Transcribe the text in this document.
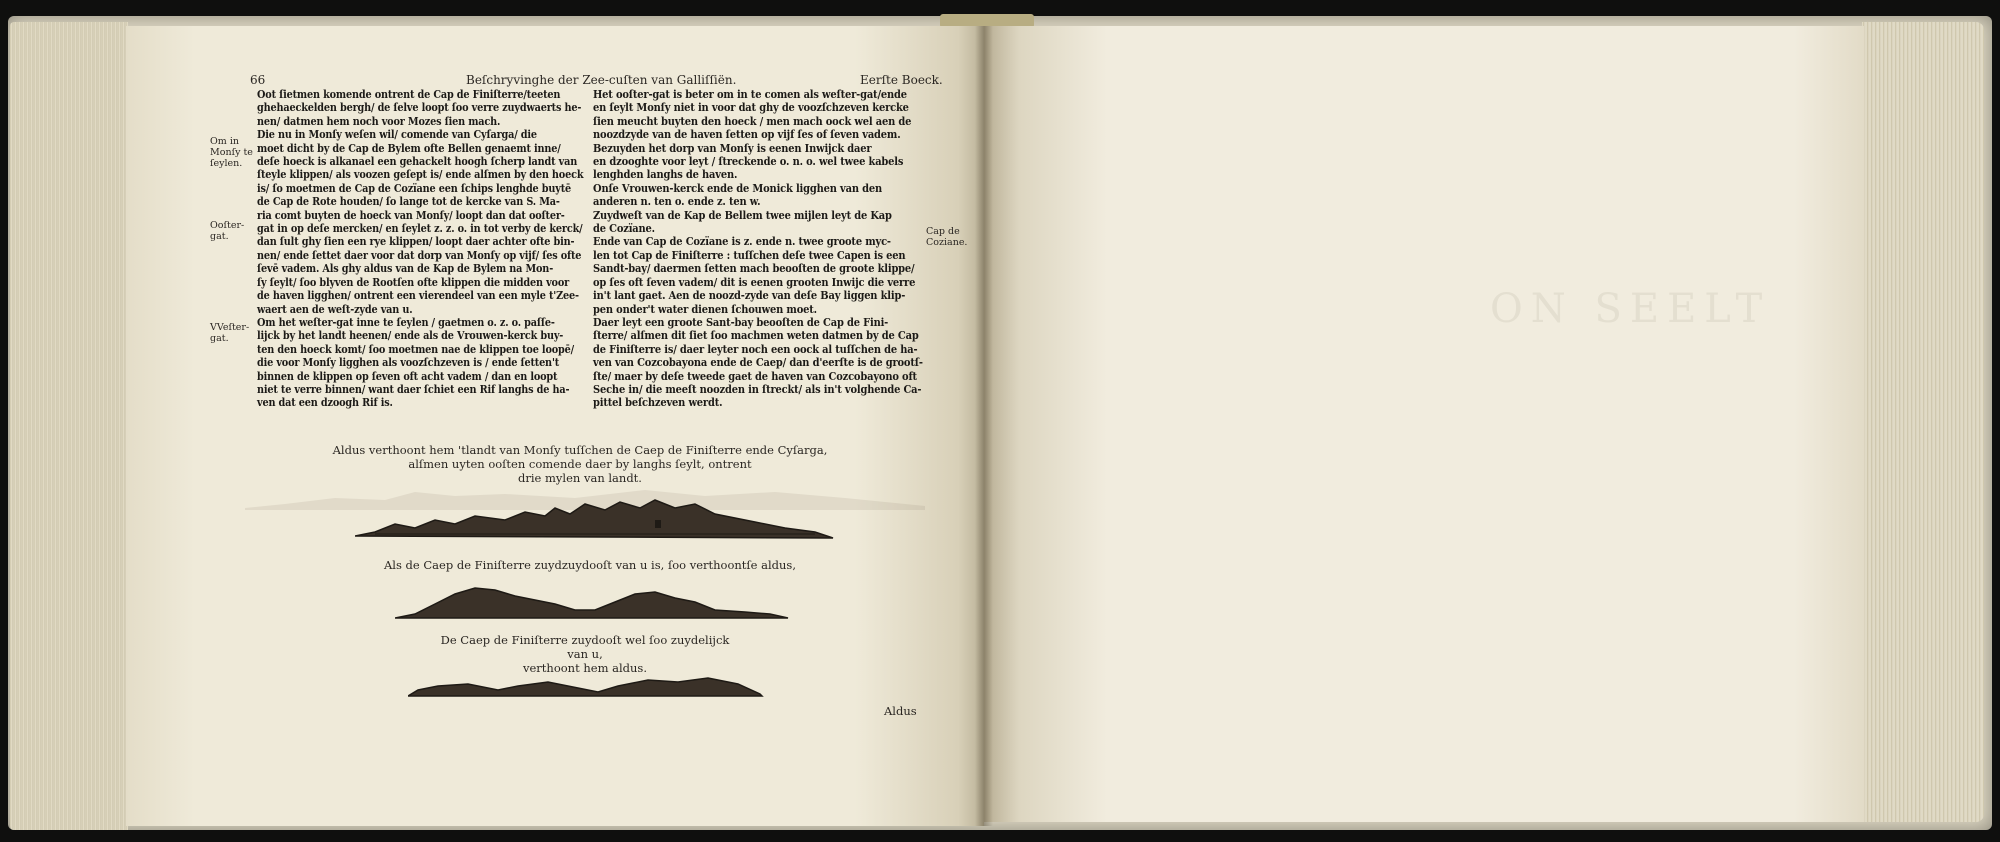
ON SEELT
66	Beſchryvinghe der Zee-cuſten van Galliſſiën.	Eerſte Boeck.
Om in Monſy te ſeylen.
Ooſter-gat.
VVeſter-gat.
Cap de Coziane.

Oot ſietmen komende ontrent de Cap de Finiſterre/teeten

ghehaeckelden bergh/ de ſelve loopt ſoo verre zuydwaerts he-

nen/ datmen hem noch voor Mozes ſien mach.

Die nu in Monſy weſen wil/ comende van Cyſarga/ die

moet dicht by de Cap de Bylem ofte Bellen genaemt inne/

deſe hoeck is alkanael een gehackelt hoogh ſcherp landt van

ſteyle klippen/ als voozen geſept is/ ende alſmen by den hoeck

is/ ſo moetmen de Cap de Cozïane een ſchips lenghde buytē

de Cap de Rote houden/ ſo lange tot de kercke van S. Ma-

ria comt buyten de hoeck van Monſy/ loopt dan dat ooſter-

gat in op deſe mercken/ en ſeylet z. z. o. in tot verby de kerck/

dan ſult ghy ſien een rye klippen/ loopt daer achter ofte bin-

nen/ ende ſettet daer voor dat dorp van Monſy op vijf/ ſes ofte

ſevē vadem. Als ghy aldus van de Kap de Bylem na Mon-

ſy ſeylt/ ſoo blyven de Rootſen ofte klippen die midden voor

de haven ligghen/ ontrent een vierendeel van een myle t'Zee-

waert aen de weſt-zyde van u.

Om het weſter-gat inne te ſeylen / gaetmen o. z. o. paſſe-

lijck by het landt heenen/ ende als de Vrouwen-kerck buy-

ten den hoeck komt/ ſoo moetmen nae de klippen toe loopē/

die voor Monſy ligghen als voozſchzeven is / ende ſetten't

binnen de klippen op ſeven oft acht vadem / dan en loopt

niet te verre binnen/ want daer ſchiet een Rif langhs de ha-

ven dat een dzoogh Rif is.

Het ooſter-gat is beter om in te comen als weſter-gat/ende

en ſeylt Monſy niet in voor dat ghy de voozſchzeven kercke

ſien meucht buyten den hoeck / men mach oock wel aen de

noozdzyde van de haven ſetten op vijf ſes of ſeven vadem.

Bezuyden het dorp van Monſy is eenen Inwijck daer

en dzooghte voor leyt / ſtreckende o. n. o. wel twee kabels

lenghden langhs de haven.

Onſe Vrouwen-kerck ende de Monick ligghen van den

anderen n. ten o. ende z. ten w.

Zuydweſt van de Kap de Bellem twee mijlen leyt de Kap

de Cozïane.

Ende van Cap de Cozïane is z. ende n. twee groote myc-

len tot Cap de Finiſterre : tuſſchen deſe twee Capen is een

Sandt-bay/ daermen ſetten mach beooſten de groote klippe/

op ſes oft ſeven vadem/ dit is eenen grooten Inwijc die verre

in't lant gaet. Aen de noozd-zyde van deſe Bay liggen klip-

pen onder't water dienen ſchouwen moet.

Daer leyt een groote Sant-bay beooſten de Cap de Fini-

ſterre/ alſmen dit ſiet ſoo machmen weten datmen by de Cap

de Finiſterre is/ daer leyter noch een oock al tuſſchen de ha-

ven van Cozcobayona ende de Caep/ dan d'eerſte is de grootſ-

ſte/ maer by deſe tweede gaet de haven van Cozcobayono oft

Seche in/ die meeſt noozden in ſtreckt/ als in't volghende Ca-

pittel beſchzeven werdt.

Aldus verthoont hem 'tlandt van Monſy tuſſchen de Caep de Finiſterre ende Cyſarga,
alſmen uyten ooſten comende daer by langhs ſeylt, ontrent
drie mylen van landt.
Als de Caep de Finiſterre zuydzuydooſt van u is, ſoo verthoontſe aldus,
De Caep de Finiſterre zuydooſt wel ſoo zuydelijck van u,
verthoont hem aldus.
Aldus
